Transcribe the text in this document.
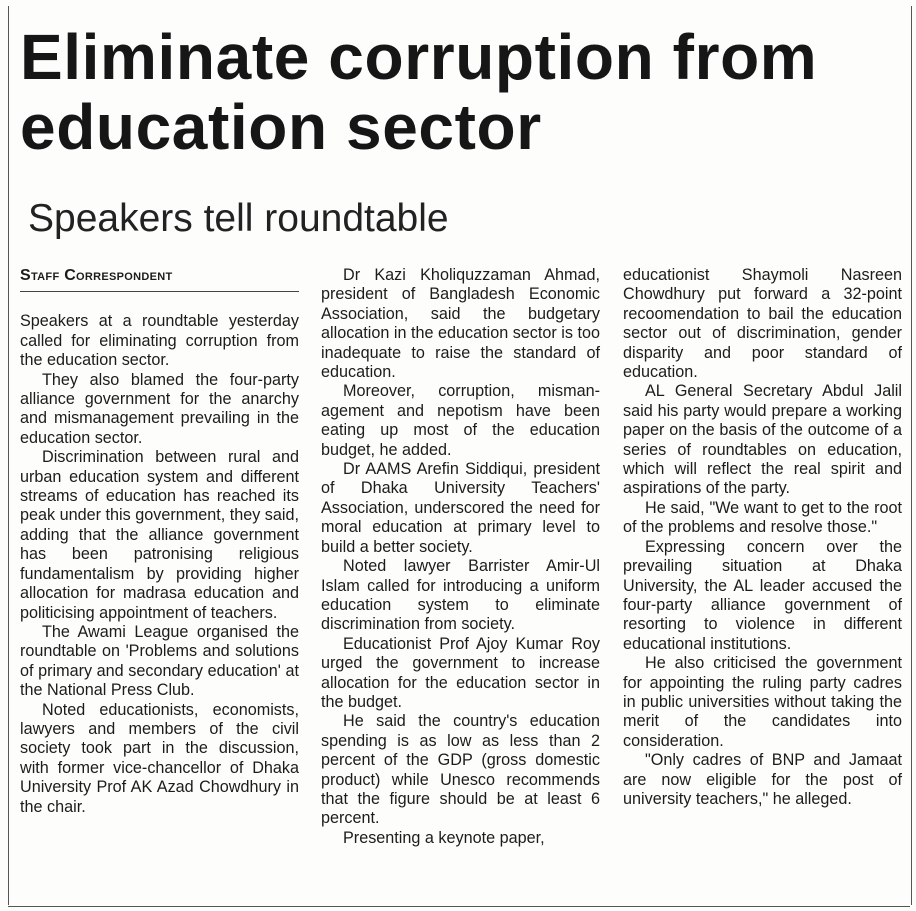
Eliminate corruption from education sector
Speakers tell roundtable
Staff Correspondent

Speakers at a roundtable yesterday called for eliminating corruption from the education sector.

They also blamed the four-party alliance government for the anarchy and mismanagement prevailing in the education sector.

Discrimination between rural and urban education system and different streams of education has reached its peak under this government, they said, adding that the alliance government has been patronising religious fundamentalism by providing higher allocation for madrasa education and politicising appointment of teachers.

The Awami League organised the roundtable on 'Problems and solutions of primary and secondary education' at the National Press Club.

Noted educationists, economists, lawyers and members of the civil society took part in the discussion, with former vice-chancellor of Dhaka University Prof AK Azad Chowdhury in the chair.

Dr Kazi Kholiquzzaman Ahmad, president of Bangladesh Economic Association, said the budgetary allocation in the education sector is too inadequate to raise the standard of education.

Moreover, corruption, mismanagement and nepotism have been eating up most of the education budget, he added.

Dr AAMS Arefin Siddiqui, president of Dhaka University Teachers' Association, underscored the need for moral education at primary level to build a better society.

Noted lawyer Barrister Amir-Ul Islam called for introducing a uniform education system to eliminate discrimination from society.

Educationist Prof Ajoy Kumar Roy urged the government to increase allocation for the education sector in the budget.

He said the country's education spending is as low as less than 2 percent of the GDP (gross domestic product) while Unesco recommends that the figure should be at least 6 percent.

Presenting a keynote paper,

educationist Shaymoli Nasreen Chowdhury put forward a 32-point recoomendation to bail the education sector out of discrimination, gender disparity and poor standard of education.

AL General Secretary Abdul Jalil said his party would prepare a working paper on the basis of the outcome of a series of roundtables on education, which will reflect the real spirit and aspirations of the party.

He said, "We want to get to the root of the problems and resolve those."

Expressing concern over the prevailing situation at Dhaka University, the AL leader accused the four-party alliance government of resorting to violence in different educational institutions.

He also criticised the government for appointing the ruling party cadres in public universities without taking the merit of the candidates into consideration.

"Only cadres of BNP and Jamaat are now eligible for the post of university teachers," he alleged.
